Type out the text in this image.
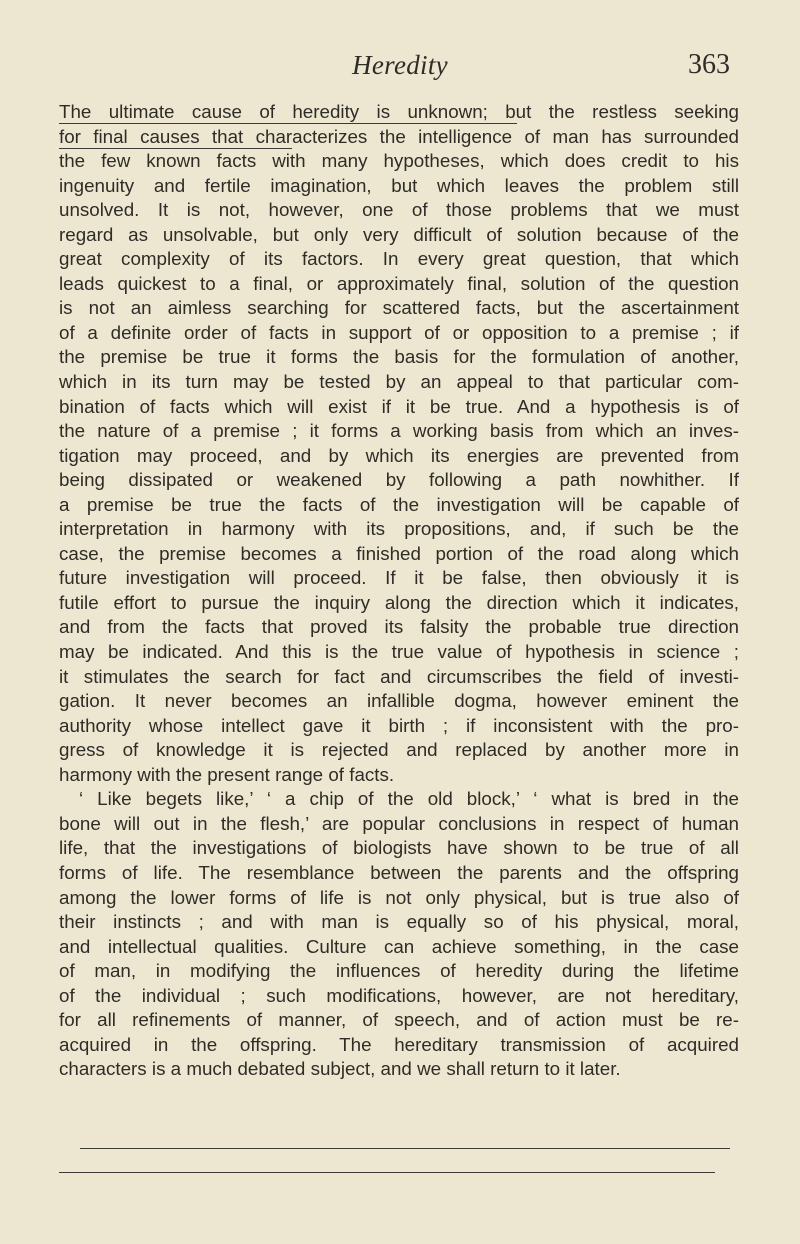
Heredity	363
The ultimate cause of heredity is unknown; but the restless seeking
for final causes that characterizes the intelligence of man has surrounded
the few known facts with many hypotheses, which does credit to his
ingenuity and fertile imagination, but which leaves the problem still
unsolved. It is not, however, one of those problems that we must
regard as unsolvable, but only very difficult of solution because of the
great complexity of its factors. In every great question, that which
leads quickest to a final, or approximately final, solution of the question
is not an aimless searching for scattered facts, but the ascertainment
of a definite order of facts in support of or opposition to a premise ; if
the premise be true it forms the basis for the formulation of another,
which in its turn may be tested by an appeal to that particular com-
bination of facts which will exist if it be true. And a hypothesis is of
the nature of a premise ; it forms a working basis from which an inves-
tigation may proceed, and by which its energies are prevented from
being dissipated or weakened by following a path nowhither. If
a premise be true the facts of the investigation will be capable of
interpretation in harmony with its propositions, and, if such be the
case, the premise becomes a finished portion of the road along which
future investigation will proceed. If it be false, then obviously it is
futile effort to pursue the inquiry along the direction which it indicates,
and from the facts that proved its falsity the probable true direction
may be indicated. And this is the true value of hypothesis in science ;
it stimulates the search for fact and circumscribes the field of investi-
gation. It never becomes an infallible dogma, however eminent the
authority whose intellect gave it birth ; if inconsistent with the pro-
gress of knowledge it is rejected and replaced by another more in
harmony with the present range of facts.
‘ Like begets like,’ ‘ a chip of the old block,’ ‘ what is bred in the
bone will out in the flesh,’ are popular conclusions in respect of human
life, that the investigations of biologists have shown to be true of all
forms of life. The resemblance between the parents and the offspring
among the lower forms of life is not only physical, but is true also of
their instincts ; and with man is equally so of his physical, moral,
and intellectual qualities. Culture can achieve something, in the case
of man, in modifying the influences of heredity during the lifetime
of the individual ; such modifications, however, are not hereditary,
for all refinements of manner, of speech, and of action must be re-
acquired in the offspring. The hereditary transmission of acquired
characters is a much debated subject, and we shall return to it later.
